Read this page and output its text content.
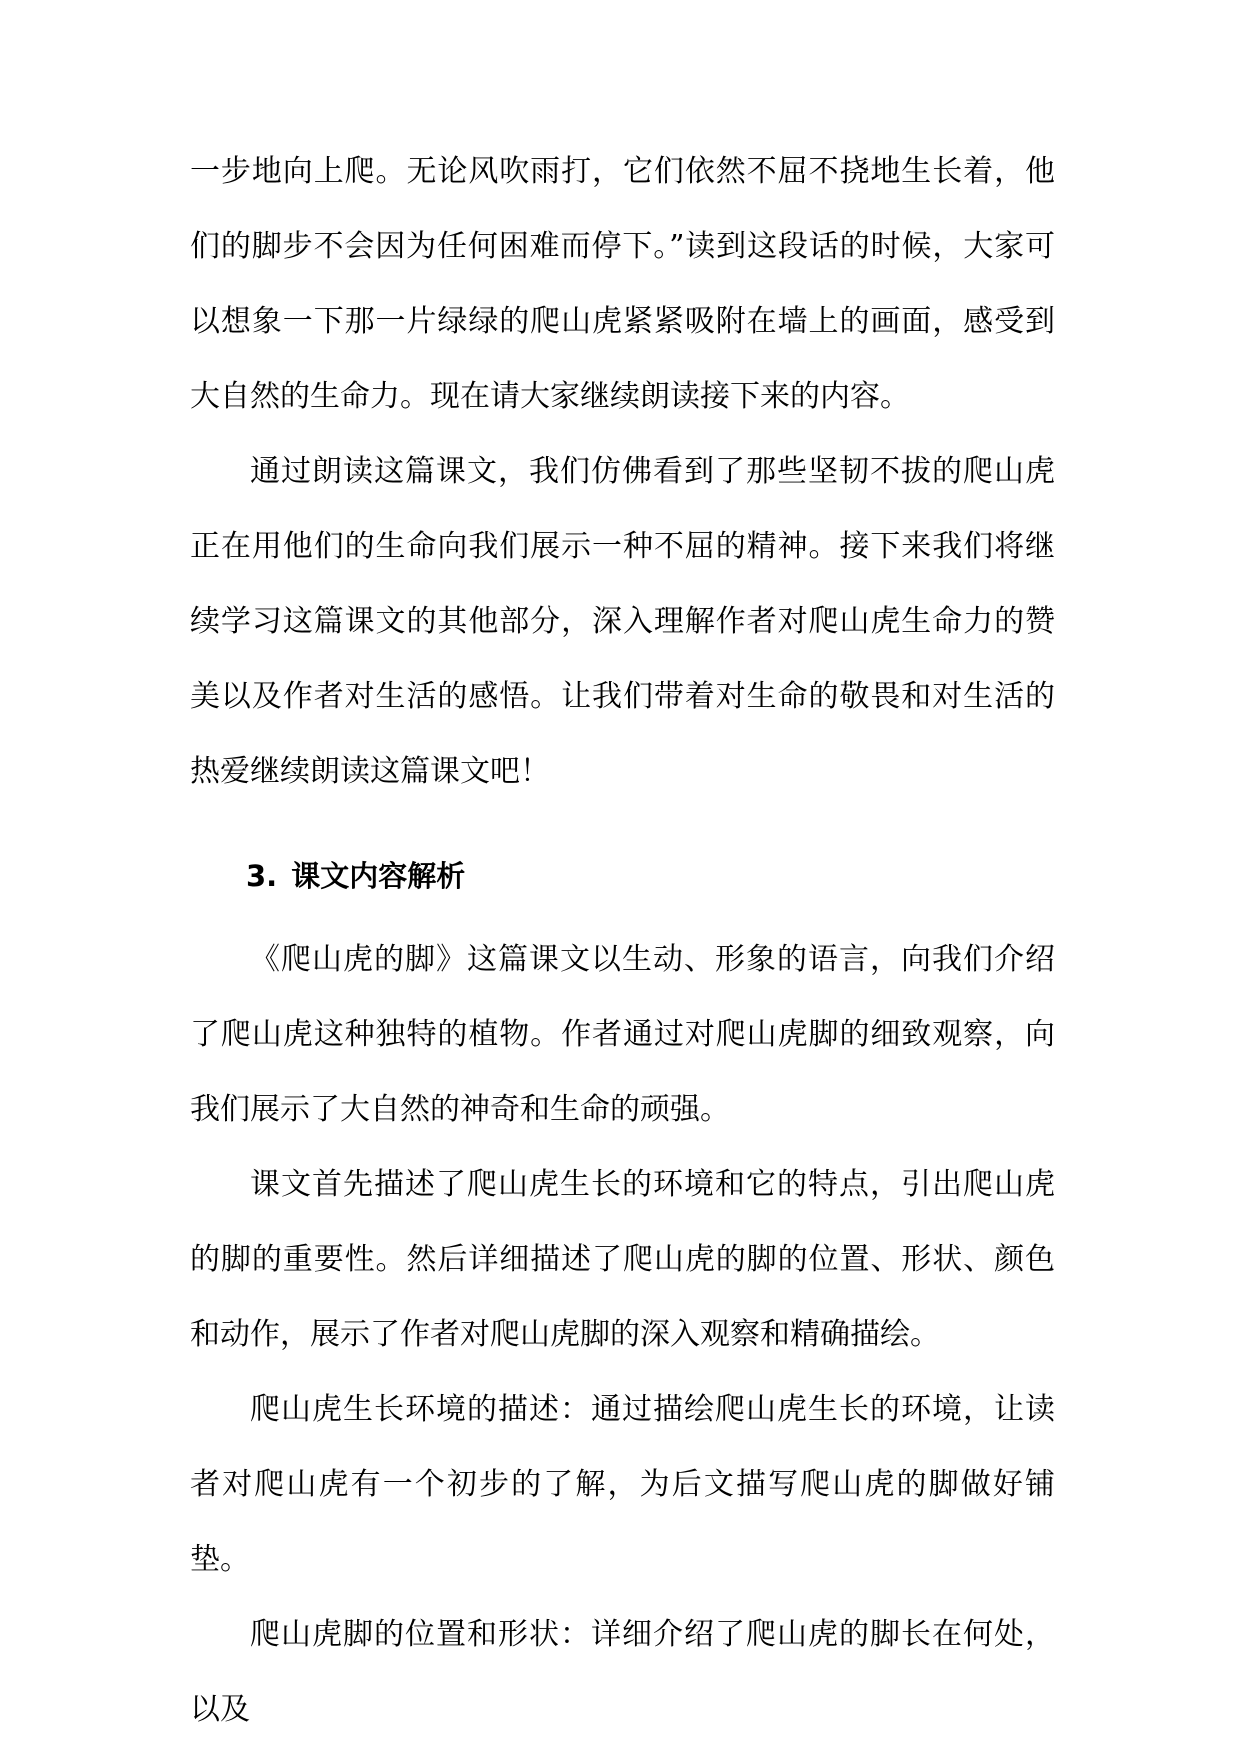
一步地向上爬。无论风吹雨打，它们依然不屈不挠地生长着，他们的脚步不会因为任何困难而停下。”读到这段话的时候，大家可以想象一下那一片绿绿的爬山虎紧紧吸附在墙上的画面，感受到大自然的生命力。现在请大家继续朗读接下来的内容。

通过朗读这篇课文，我们仿佛看到了那些坚韧不拔的爬山虎正在用他们的生命向我们展示一种不屈的精神。接下来我们将继续学习这篇课文的其他部分，深入理解作者对爬山虎生命力的赞美以及作者对生活的感悟。让我们带着对生命的敬畏和对生活的热爱继续朗读这篇课文吧！

3. 课文内容解析

《爬山虎的脚》这篇课文以生动、形象的语言，向我们介绍了爬山虎这种独特的植物。作者通过对爬山虎脚的细致观察，向我们展示了大自然的神奇和生命的顽强。

课文首先描述了爬山虎生长的环境和它的特点，引出爬山虎的脚的重要性。然后详细描述了爬山虎的脚的位置、形状、颜色和动作，展示了作者对爬山虎脚的深入观察和精确描绘。

爬山虎生长环境的描述：通过描绘爬山虎生长的环境，让读者对爬山虎有一个初步的了解，为后文描写爬山虎的脚做好铺垫。

爬山虎脚的位置和形状：详细介绍了爬山虎的脚长在何处，以及
